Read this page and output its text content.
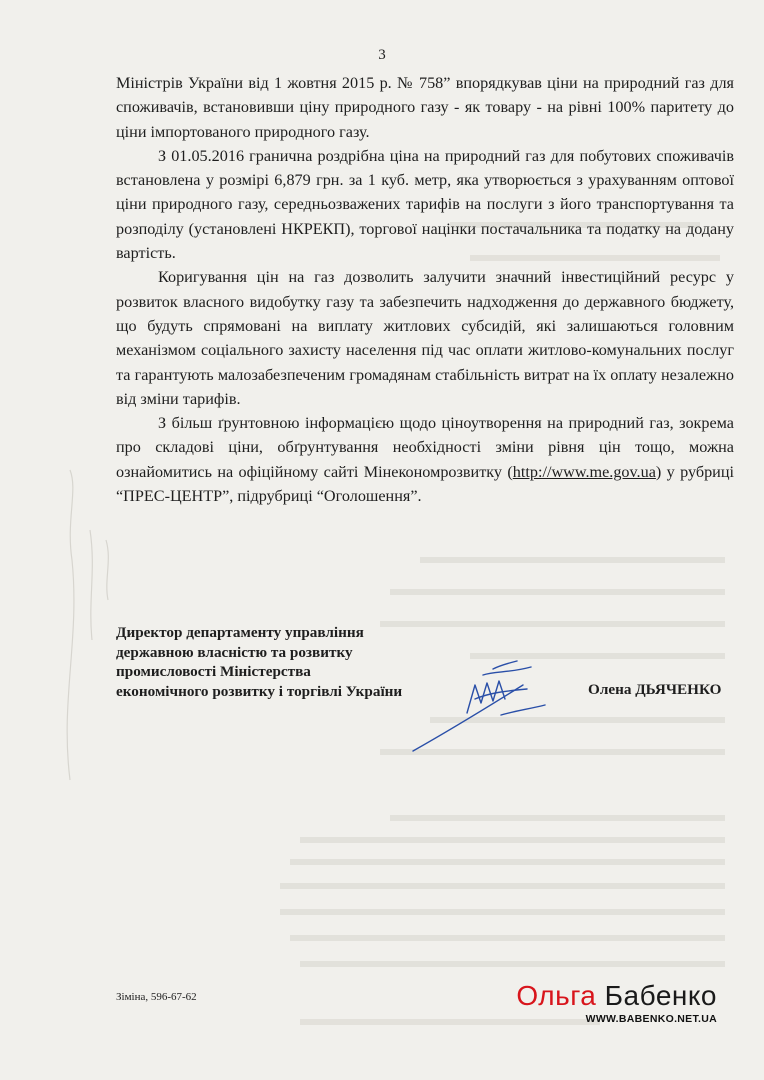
3

Міністрів України від 1 жовтня 2015 р. № 758” впорядкував ціни на природний газ для споживачів, встановивши ціну природного газу - як товару - на рівні 100% паритету до ціни імпортованого природного газу.

З 01.05.2016 гранична роздрібна ціна на природний газ для побутових споживачів встановлена у розмірі 6,879 грн. за 1 куб. метр, яка утворюється з урахуванням оптової ціни природного газу, середньозважених тарифів на послуги з його транспортування та розподілу (установлені НКРЕКП), торгової націнки постачальника та податку на додану вартість.

Коригування цін на газ дозволить залучити значний інвестиційний ресурс у розвиток власного видобутку газу та забезпечить надходження до державного бюджету, що будуть спрямовані на виплату житлових субсидій, які залишаються головним механізмом соціального захисту населення під час оплати житлово-комунальних послуг та гарантують малозабезпеченим громадянам стабільність витрат на їх оплату незалежно від зміни тарифів.

З більш ґрунтовною інформацією щодо ціноутворення на природний газ, зокрема про складові ціни, обґрунтування необхідності зміни рівня цін тощо, можна ознайомитись на офіційному сайті Мінекономрозвитку (http://www.me.gov.ua) у рубриці “ПРЕС-ЦЕНТР”, підрубриці “Оголошення”.

Директор департаменту управління
державною власністю та розвитку
промисловості Міністерства
економічного розвитку і торгівлі України	Олена ДЬЯЧЕНКО
Зіміна, 596-67-62	Ольга Бабенко
WWW.BABENKO.NET.UA
